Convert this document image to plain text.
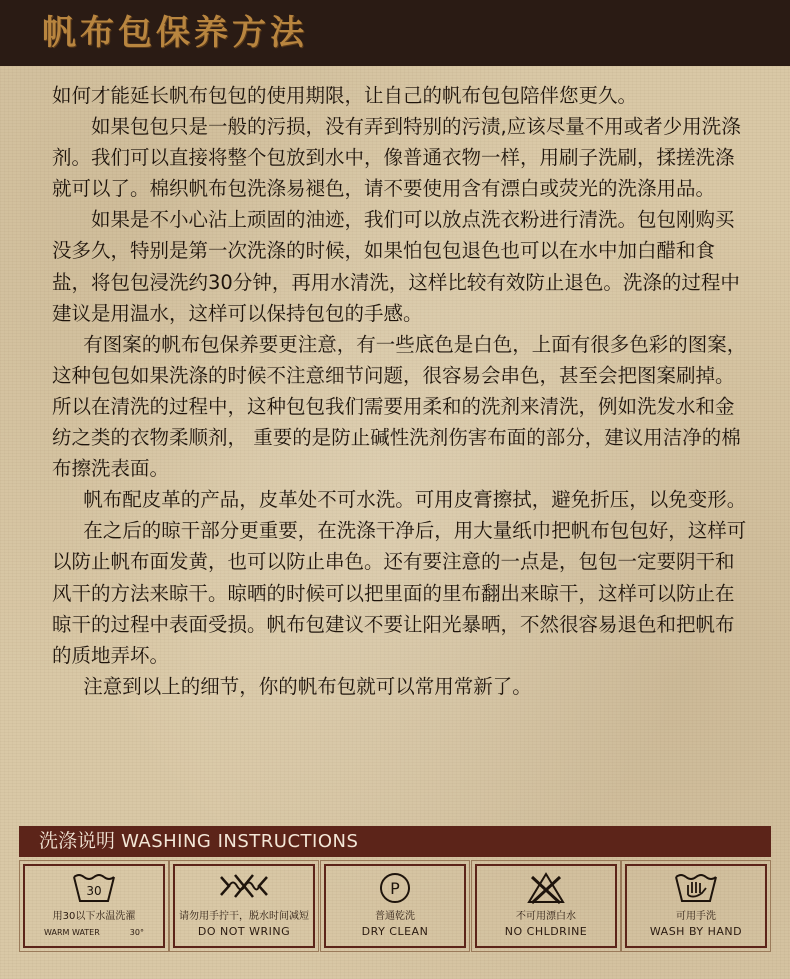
帆布包保养方法

如何才能延长帆布包包的使用期限，让自己的帆布包包陪伴您更久。

如果包包只是一般的污损，没有弄到特别的污渍,应该尽量不用或者少用洗涤剂。我们可以直接将整个包放到水中，像普通衣物一样，用刷子洗刷，揉搓洗涤就可以了。棉织帆布包洗涤易褪色，请不要使用含有漂白或荧光的洗涤用品。

如果是不小心沾上顽固的油迹，我们可以放点洗衣粉进行清洗。包包刚购买没多久，特别是第一次洗涤的时候，如果怕包包退色也可以在水中加白醋和食盐，将包包浸洗约30分钟，再用水清洗，这样比较有效防止退色。洗涤的过程中建议是用温水，这样可以保持包包的手感。

有图案的帆布包保养要更注意，有一些底色是白色，上面有很多色彩的图案，这种包包如果洗涤的时候不注意细节问题，很容易会串色，甚至会把图案刷掉。所以在清洗的过程中，这种包包我们需要用柔和的洗剂来清洗，例如洗发水和金纺之类的衣物柔顺剂， 重要的是防止碱性洗剂伤害布面的部分，建议用洁净的棉布擦洗表面。

帆布配皮革的产品，皮革处不可水洗。可用皮膏擦拭，避免折压，以免变形。

在之后的晾干部分更重要，在洗涤干净后，用大量纸巾把帆布包包好，这样可以防止帆布面发黄，也可以防止串色。还有要注意的一点是，包包一定要阴干和风干的方法来晾干。晾晒的时候可以把里面的里布翻出来晾干，这样可以防止在晾干的过程中表面受损。帆布包建议不要让阳光暴晒，不然很容易退色和把帆布的质地弄坏。

注意到以上的细节，你的帆布包就可以常用常新了。

洗涤说明 WASHING INSTRUCTIONS
30
用30以下水温洗濯
WARM WATER	30°
请勿用手拧干，脱水时间减短
DO NOT WRING
P
普通乾洗
DRY CLEAN
不可用漂白水
NO CHLDRINE
可用手洗
WASH BY HAND
